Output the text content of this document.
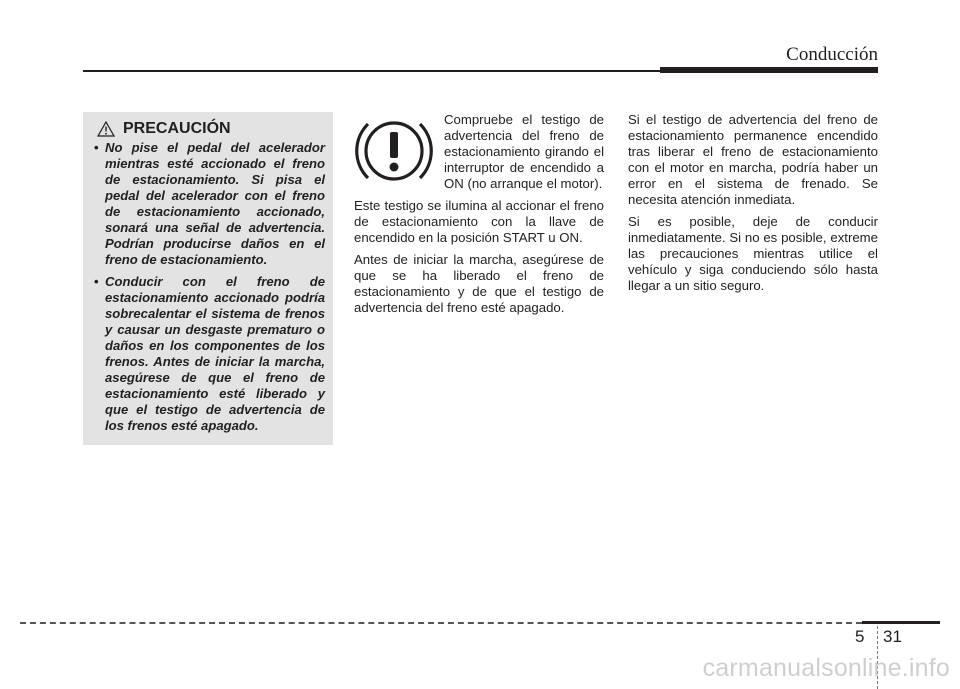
Conducción
PRECAUCIÓN
• No pise el pedal del acelerador mientras esté accionado el freno de estacionamiento. Si pisa el pedal del acelerador con el freno de estacionamiento accionado, sonará una señal de advertencia. Podrían producirse daños en el freno de estacionamiento.
• Conducir con el freno de estacionamiento accionado podría sobrecalentar el sistema de frenos y causar un desgaste prematuro o daños en los componentes de los frenos. Antes de iniciar la marcha, asegúrese de que el freno de estacionamiento esté liberado y que el testigo de advertencia de los frenos esté apagado.

Compruebe el testigo de advertencia del freno de estacionamiento girando el interruptor de encendido a ON (no arranque el motor).

Este testigo se ilumina al accionar el freno de estacionamiento con la llave de encendido en la posición START u ON.

Antes de iniciar la marcha, asegúrese de que se ha liberado el freno de estacionamiento y de que el testigo de advertencia del freno esté apagado.

Si el testigo de advertencia del freno de estacionamiento permanence encendido tras liberar el freno de estacionamiento con el motor en marcha, podría haber un error en el sistema de frenado. Se necesita atención inmediata.

Si es posible, deje de conducir inmediatamente. Si no es posible, extreme las precauciones mientras utilice el vehículo y siga conduciendo sólo hasta llegar a un sitio seguro.

5 31
carmanualsonline.info
